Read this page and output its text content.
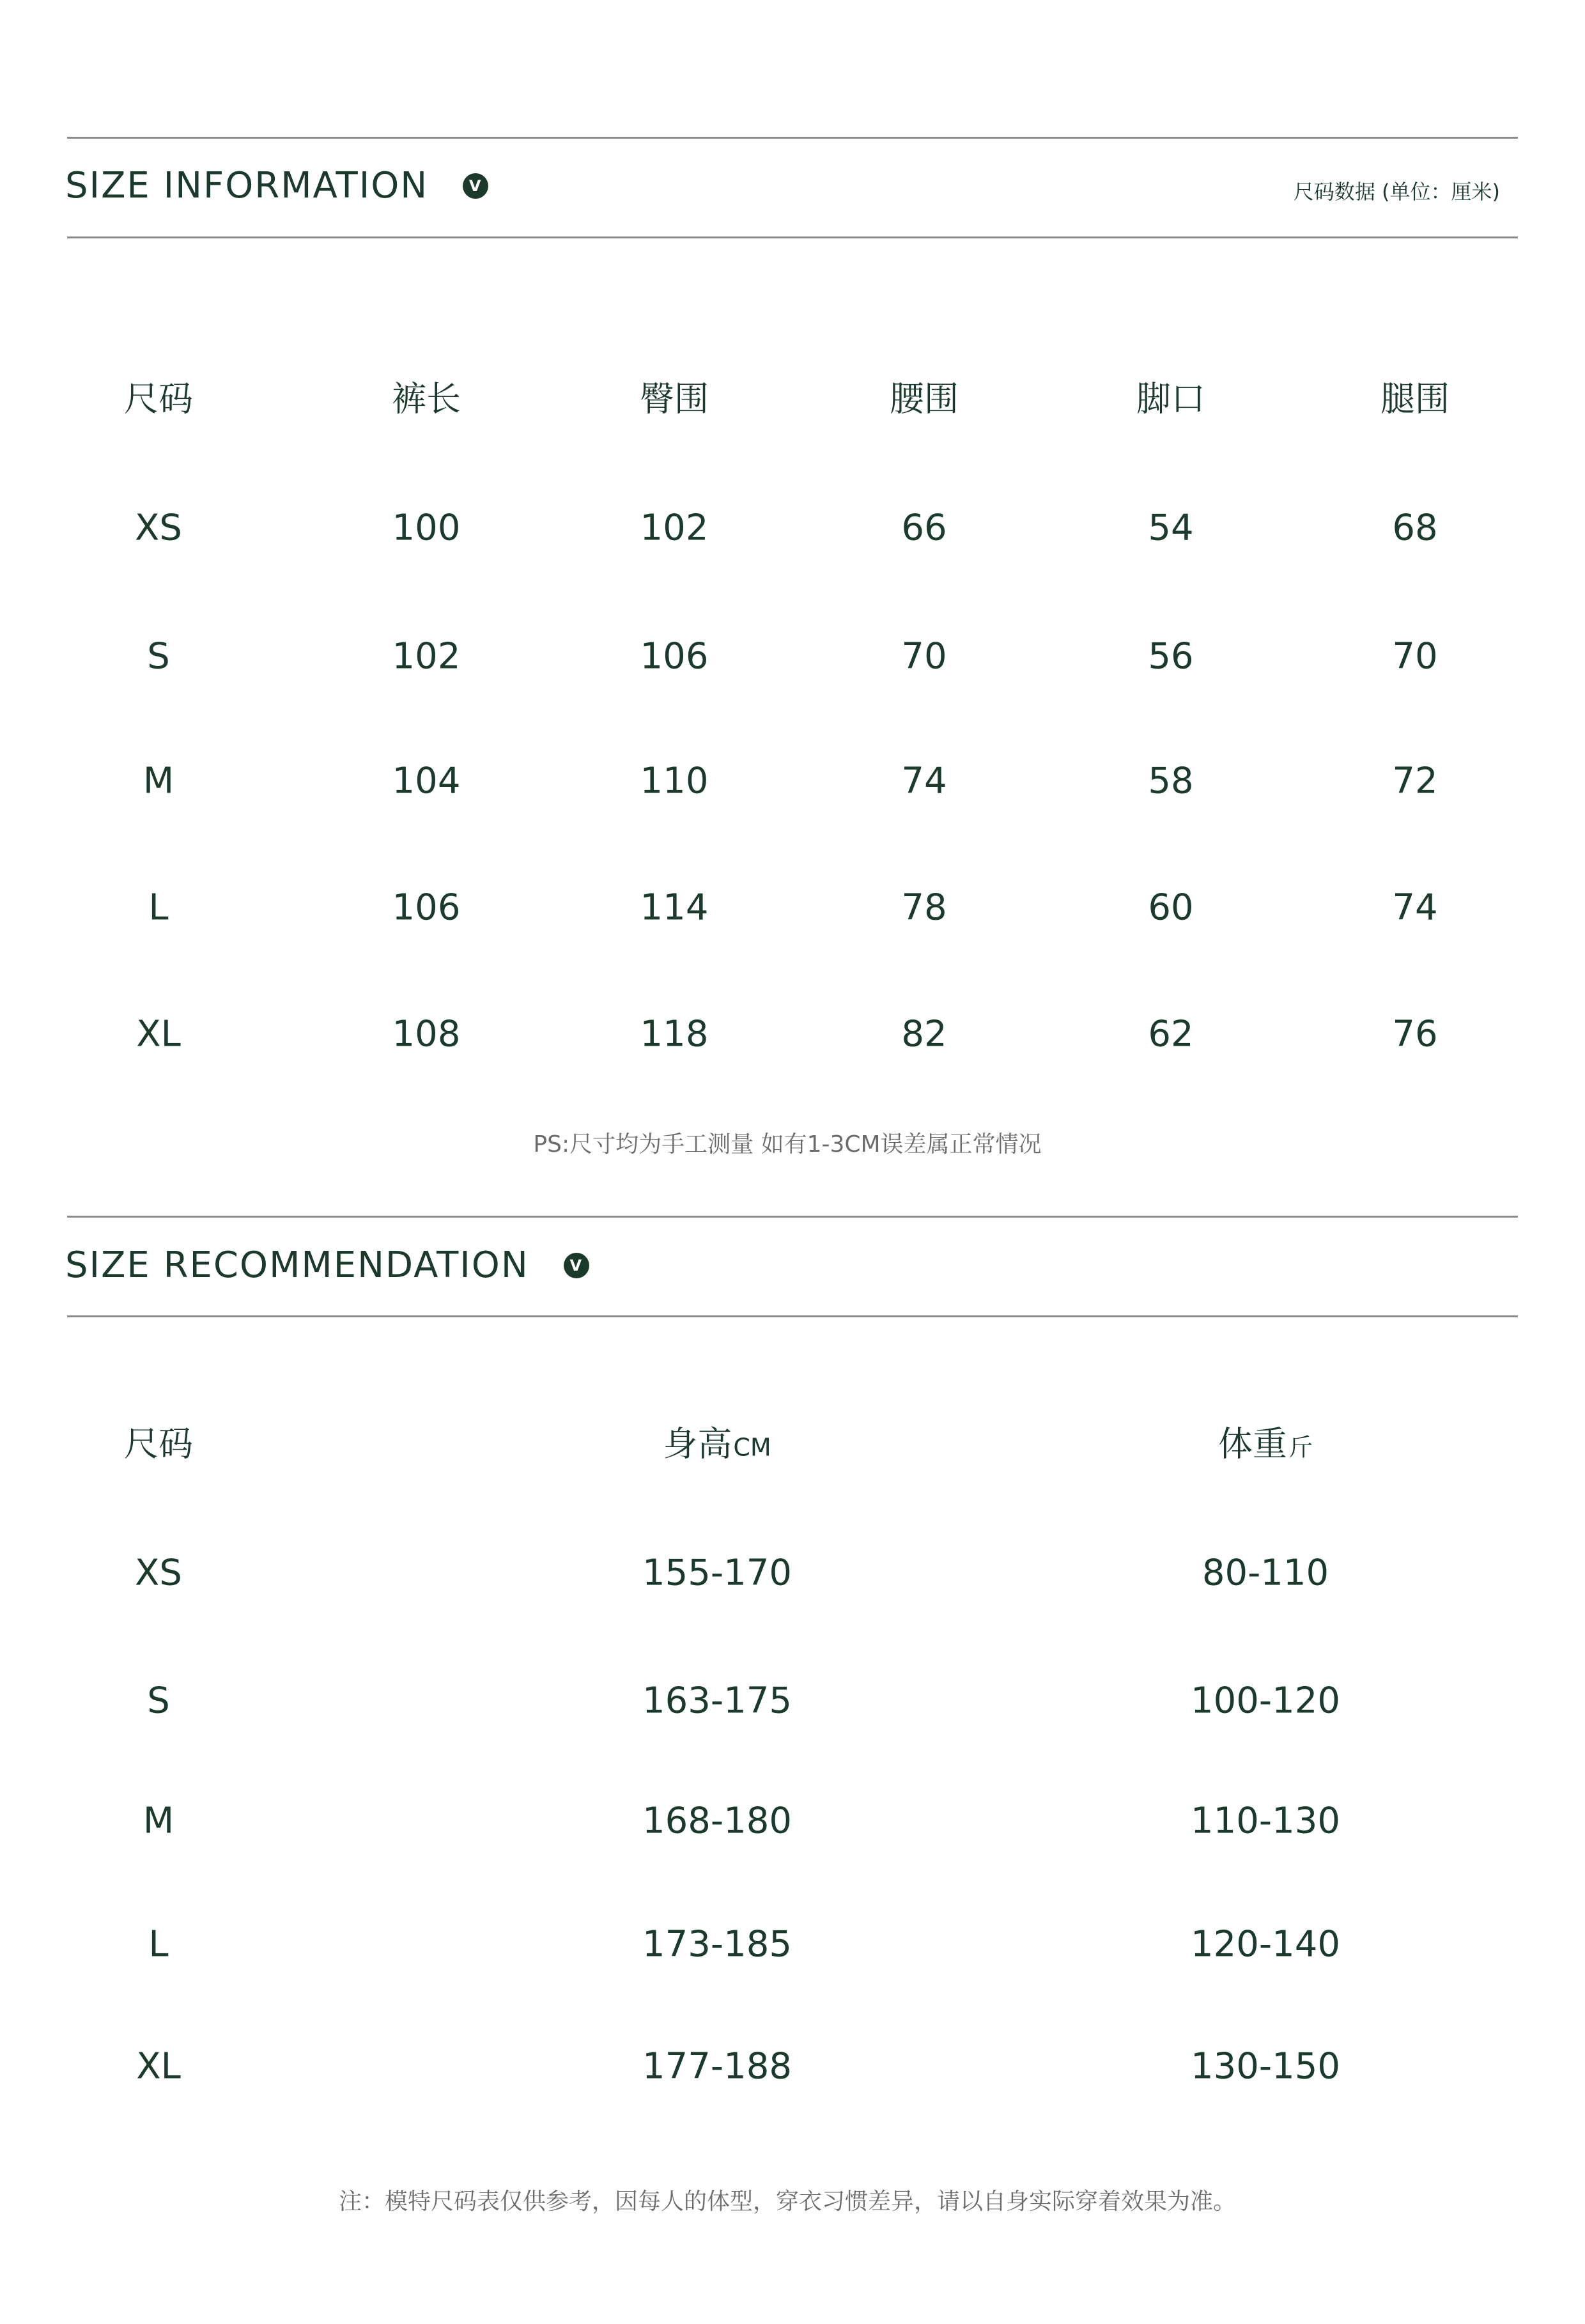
SIZE INFORMATION	V	尺码数据 (单位：厘米)
尺码	裤长	臀围	腰围	脚口	腿围
XS	100	102	66	54	68
S	102	106	70	56	70
M	104	110	74	58	72
L	106	114	78	60	74
XL	108	118	82	62	76
PS:尺寸均为手工测量 如有1-3CM误差属正常情况
SIZE RECOMMENDATION	V
尺码	身高CM	体重斤
XS	155-170	80-110
S	163-175	100-120
M	168-180	110-130
L	173-185	120-140
XL	177-188	130-150
注：模特尺码表仅供参考，因每人的体型，穿衣习惯差异，请以自身实际穿着效果为准。
